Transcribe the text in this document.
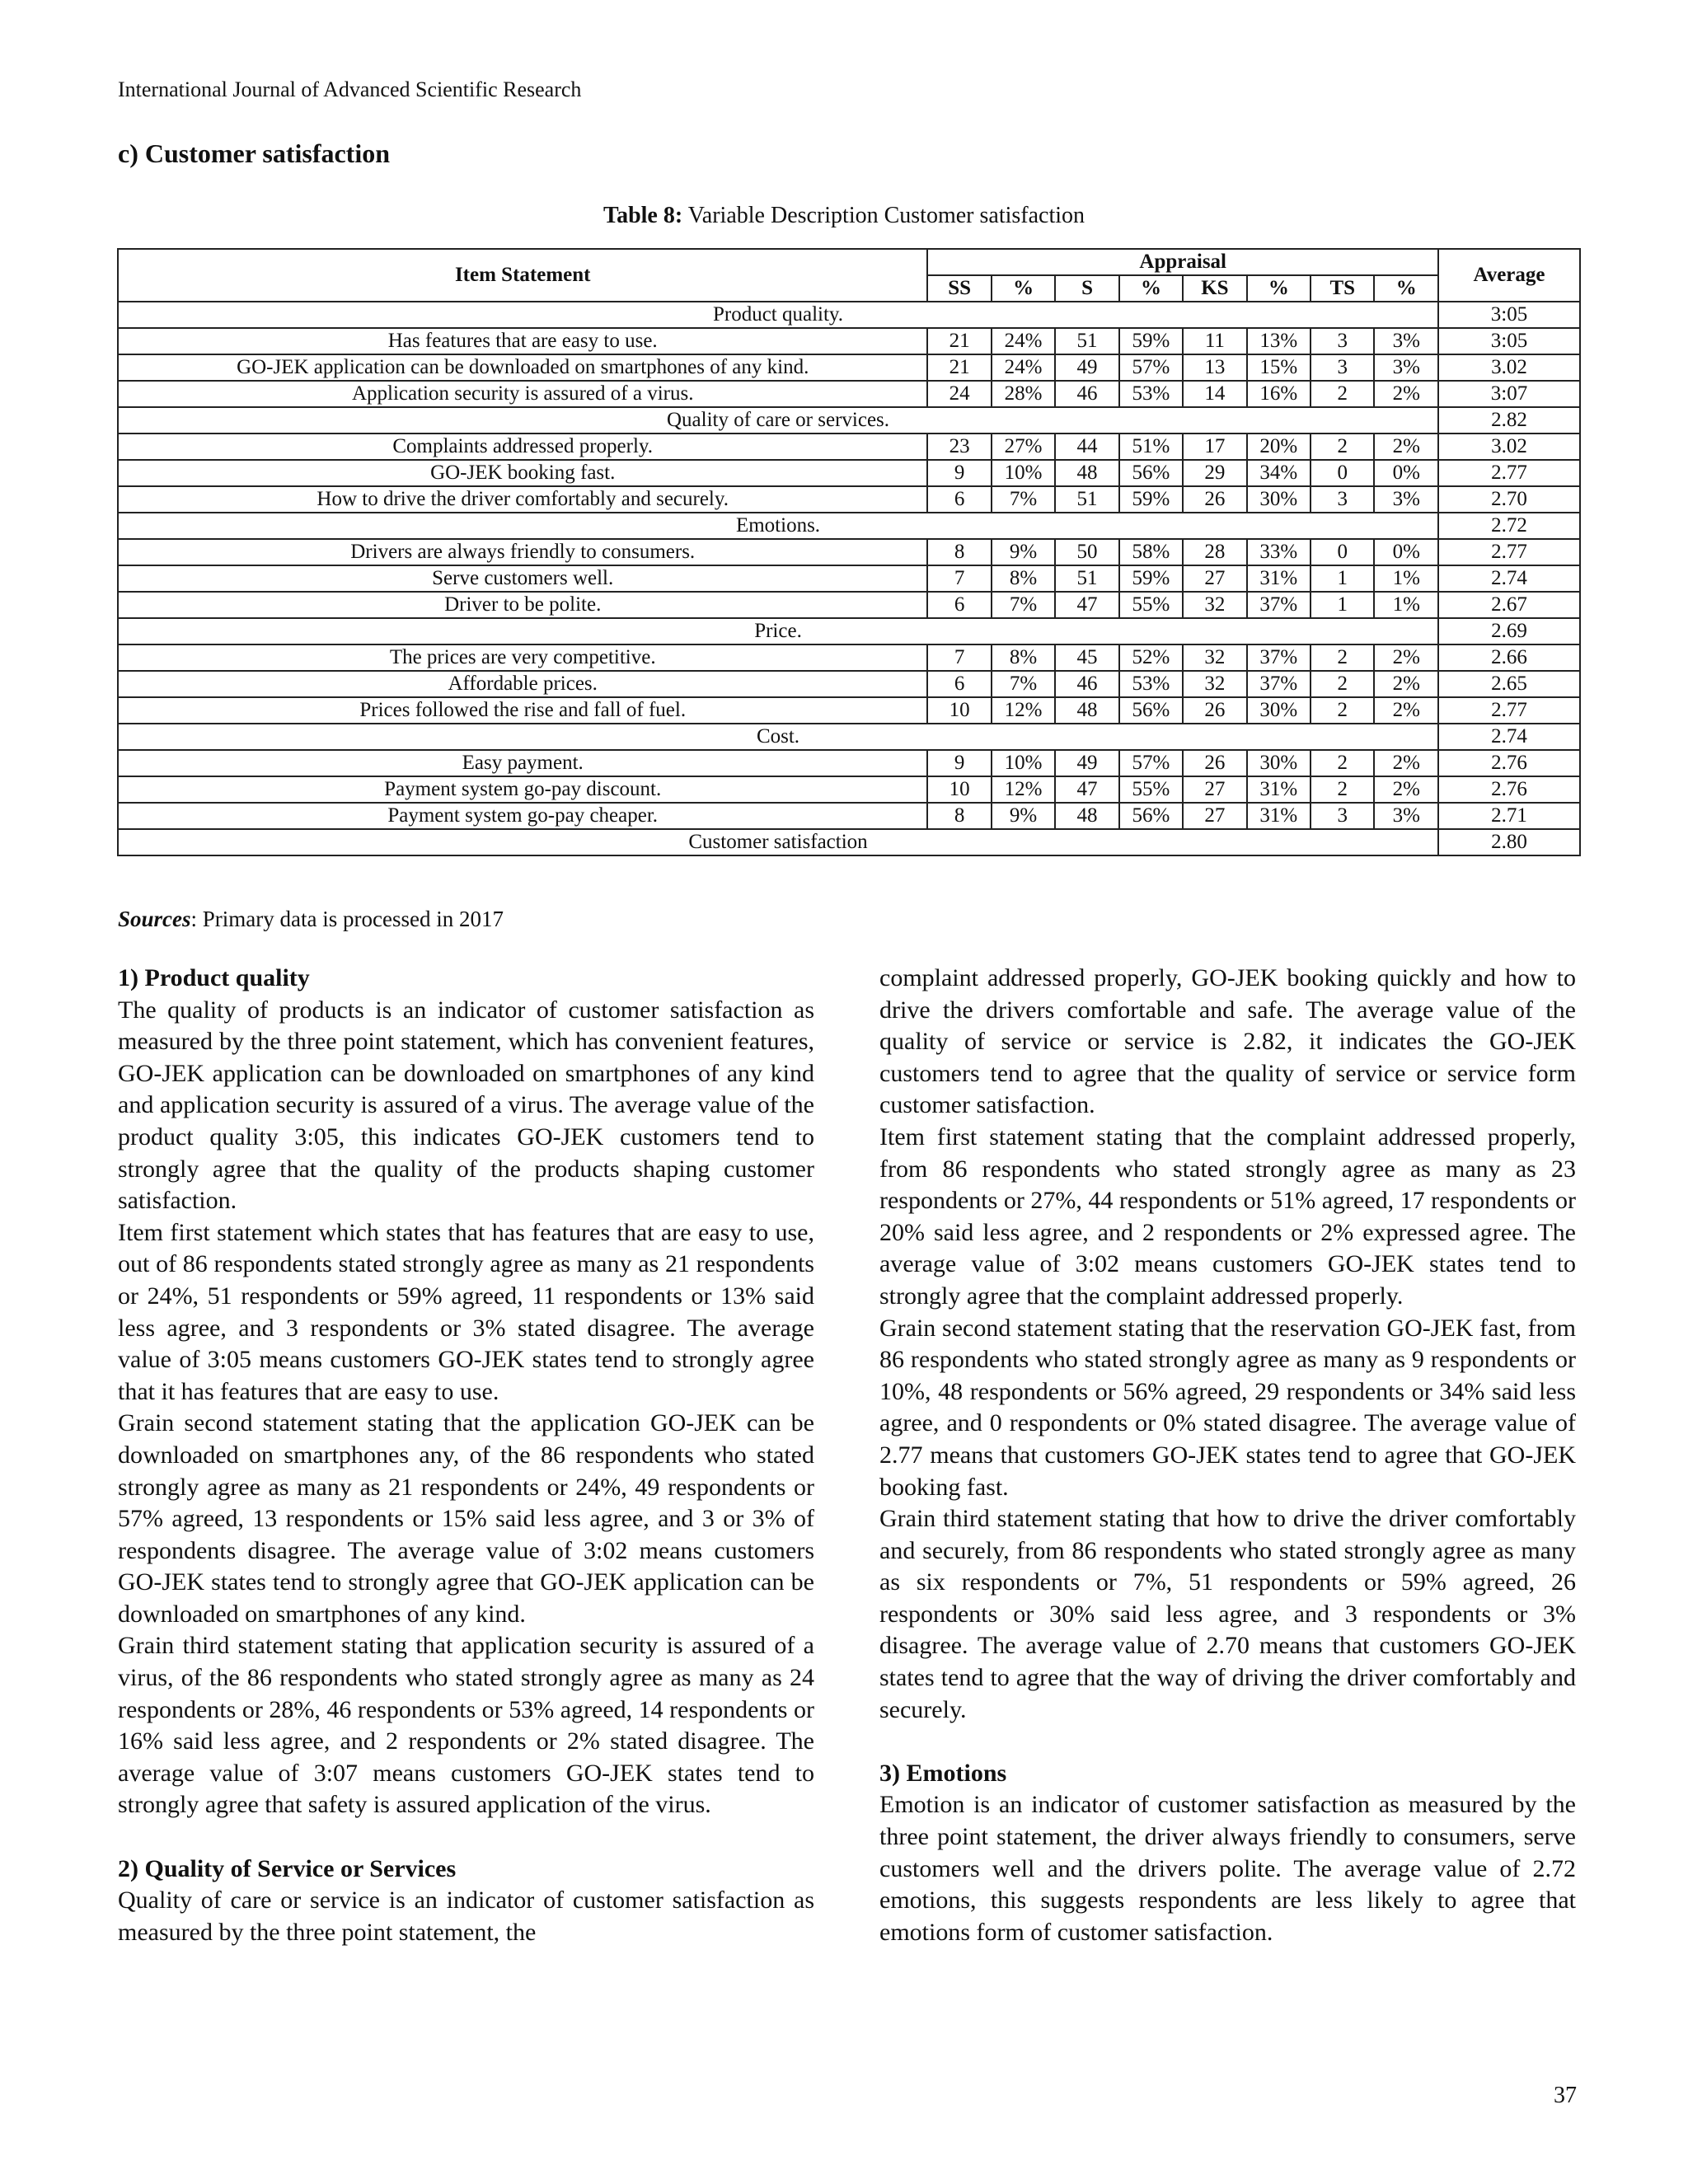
International Journal of Advanced Scientific Research
c) Customer satisfaction
Table 8: Variable Description Customer satisfaction
Item Statement	Appraisal								Average
	SS	%	S	%	KS	%	TS	%	
Product quality.									3:05
Has features that are easy to use.	21	24%	51	59%	11	13%	3	3%	3:05
GO-JEK application can be downloaded on smartphones of any kind.	21	24%	49	57%	13	15%	3	3%	3.02
Application security is assured of a virus.	24	28%	46	53%	14	16%	2	2%	3:07
Quality of care or services.									2.82
Complaints addressed properly.	23	27%	44	51%	17	20%	2	2%	3.02
GO-JEK booking fast.	9	10%	48	56%	29	34%	0	0%	2.77
How to drive the driver comfortably and securely.	6	7%	51	59%	26	30%	3	3%	2.70
Emotions.									2.72
Drivers are always friendly to consumers.	8	9%	50	58%	28	33%	0	0%	2.77
Serve customers well.	7	8%	51	59%	27	31%	1	1%	2.74
Driver to be polite.	6	7%	47	55%	32	37%	1	1%	2.67
Price.									2.69
The prices are very competitive.	7	8%	45	52%	32	37%	2	2%	2.66
Affordable prices.	6	7%	46	53%	32	37%	2	2%	2.65
Prices followed the rise and fall of fuel.	10	12%	48	56%	26	30%	2	2%	2.77
Cost.									2.74
Easy payment.	9	10%	49	57%	26	30%	2	2%	2.76
Payment system go-pay discount.	10	12%	47	55%	27	31%	2	2%	2.76
Payment system go-pay cheaper.	8	9%	48	56%	27	31%	3	3%	2.71
Customer satisfaction									2.80
Sources: Primary data is processed in 2017
1) Product quality

The quality of products is an indicator of customer satisfaction as measured by the three point statement, which has convenient features, GO-JEK application can be downloaded on smartphones of any kind and application security is assured of a virus. The average value of the product quality 3:05, this indicates GO-JEK customers tend to strongly agree that the quality of the products shaping customer satisfaction.

Item first statement which states that has features that are easy to use, out of 86 respondents stated strongly agree as many as 21 respondents or 24%, 51 respondents or 59% agreed, 11 respondents or 13% said less agree, and 3 respondents or 3% stated disagree. The average value of 3:05 means customers GO-JEK states tend to strongly agree that it has features that are easy to use.

Grain second statement stating that the application GO-JEK can be downloaded on smartphones any, of the 86 respondents who stated strongly agree as many as 21 respondents or 24%, 49 respondents or 57% agreed, 13 respondents or 15% said less agree, and 3 or 3% of respondents disagree. The average value of 3:02 means customers GO-JEK states tend to strongly agree that GO-JEK application can be downloaded on smartphones of any kind.

Grain third statement stating that application security is assured of a virus, of the 86 respondents who stated strongly agree as many as 24 respondents or 28%, 46 respondents or 53% agreed, 14 respondents or 16% said less agree, and 2 respondents or 2% stated disagree. The average value of 3:07 means customers GO-JEK states tend to strongly agree that safety is assured application of the virus.

2) Quality of Service or Services

Quality of care or service is an indicator of customer satisfaction as measured by the three point statement, the

complaint addressed properly, GO-JEK booking quickly and how to drive the drivers comfortable and safe. The average value of the quality of service or service is 2.82, it indicates the GO-JEK customers tend to agree that the quality of service or service form customer satisfaction.

Item first statement stating that the complaint addressed properly, from 86 respondents who stated strongly agree as many as 23 respondents or 27%, 44 respondents or 51% agreed, 17 respondents or 20% said less agree, and 2 respondents or 2% expressed agree. The average value of 3:02 means customers GO-JEK states tend to strongly agree that the complaint addressed properly.

Grain second statement stating that the reservation GO-JEK fast, from 86 respondents who stated strongly agree as many as 9 respondents or 10%, 48 respondents or 56% agreed, 29 respondents or 34% said less agree, and 0 respondents or 0% stated disagree. The average value of 2.77 means that customers GO-JEK states tend to agree that GO-JEK booking fast.

Grain third statement stating that how to drive the driver comfortably and securely, from 86 respondents who stated strongly agree as many as six respondents or 7%, 51 respondents or 59% agreed, 26 respondents or 30% said less agree, and 3 respondents or 3% disagree. The average value of 2.70 means that customers GO-JEK states tend to agree that the way of driving the driver comfortably and securely.

3) Emotions

Emotion is an indicator of customer satisfaction as measured by the three point statement, the driver always friendly to consumers, serve customers well and the drivers polite. The average value of 2.72 emotions, this suggests respondents are less likely to agree that emotions form of customer satisfaction.

37
